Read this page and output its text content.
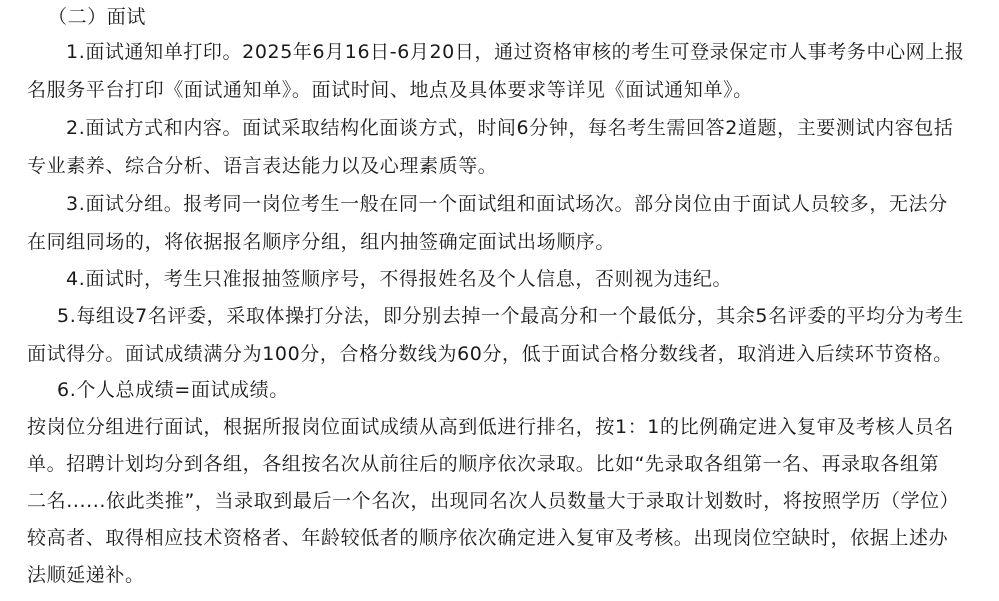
（二）面试
1.面试通知单打印。2025年6月16日-6月20日，通过资格审核的考生可登录保定市人事考务中心网上报
名服务平台打印《面试通知单》。面试时间、地点及具体要求等详见《面试通知单》。
2.面试方式和内容。面试采取结构化面谈方式，时间6分钟，每名考生需回答2道题，主要测试内容包括
专业素养、综合分析、语言表达能力以及心理素质等。
3.面试分组。报考同一岗位考生一般在同一个面试组和面试场次。部分岗位由于面试人员较多，无法分
在同组同场的，将依据报名顺序分组，组内抽签确定面试出场顺序。
4.面试时，考生只准报抽签顺序号，不得报姓名及个人信息，否则视为违纪。
5.每组设7名评委，采取体操打分法，即分别去掉一个最高分和一个最低分，其余5名评委的平均分为考生
面试得分。面试成绩满分为100分，合格分数线为60分，低于面试合格分数线者，取消进入后续环节资格。
6.个人总成绩=面试成绩。
按岗位分组进行面试，根据所报岗位面试成绩从高到低进行排名，按1：1的比例确定进入复审及考核人员名
单。招聘计划均分到各组，各组按名次从前往后的顺序依次录取。比如“先录取各组第一名、再录取各组第
二名......依此类推”，当录取到最后一个名次，出现同名次人员数量大于录取计划数时，将按照学历（学位）
较高者、取得相应技术资格者、年龄较低者的顺序依次确定进入复审及考核。出现岗位空缺时，依据上述办
法顺延递补。
